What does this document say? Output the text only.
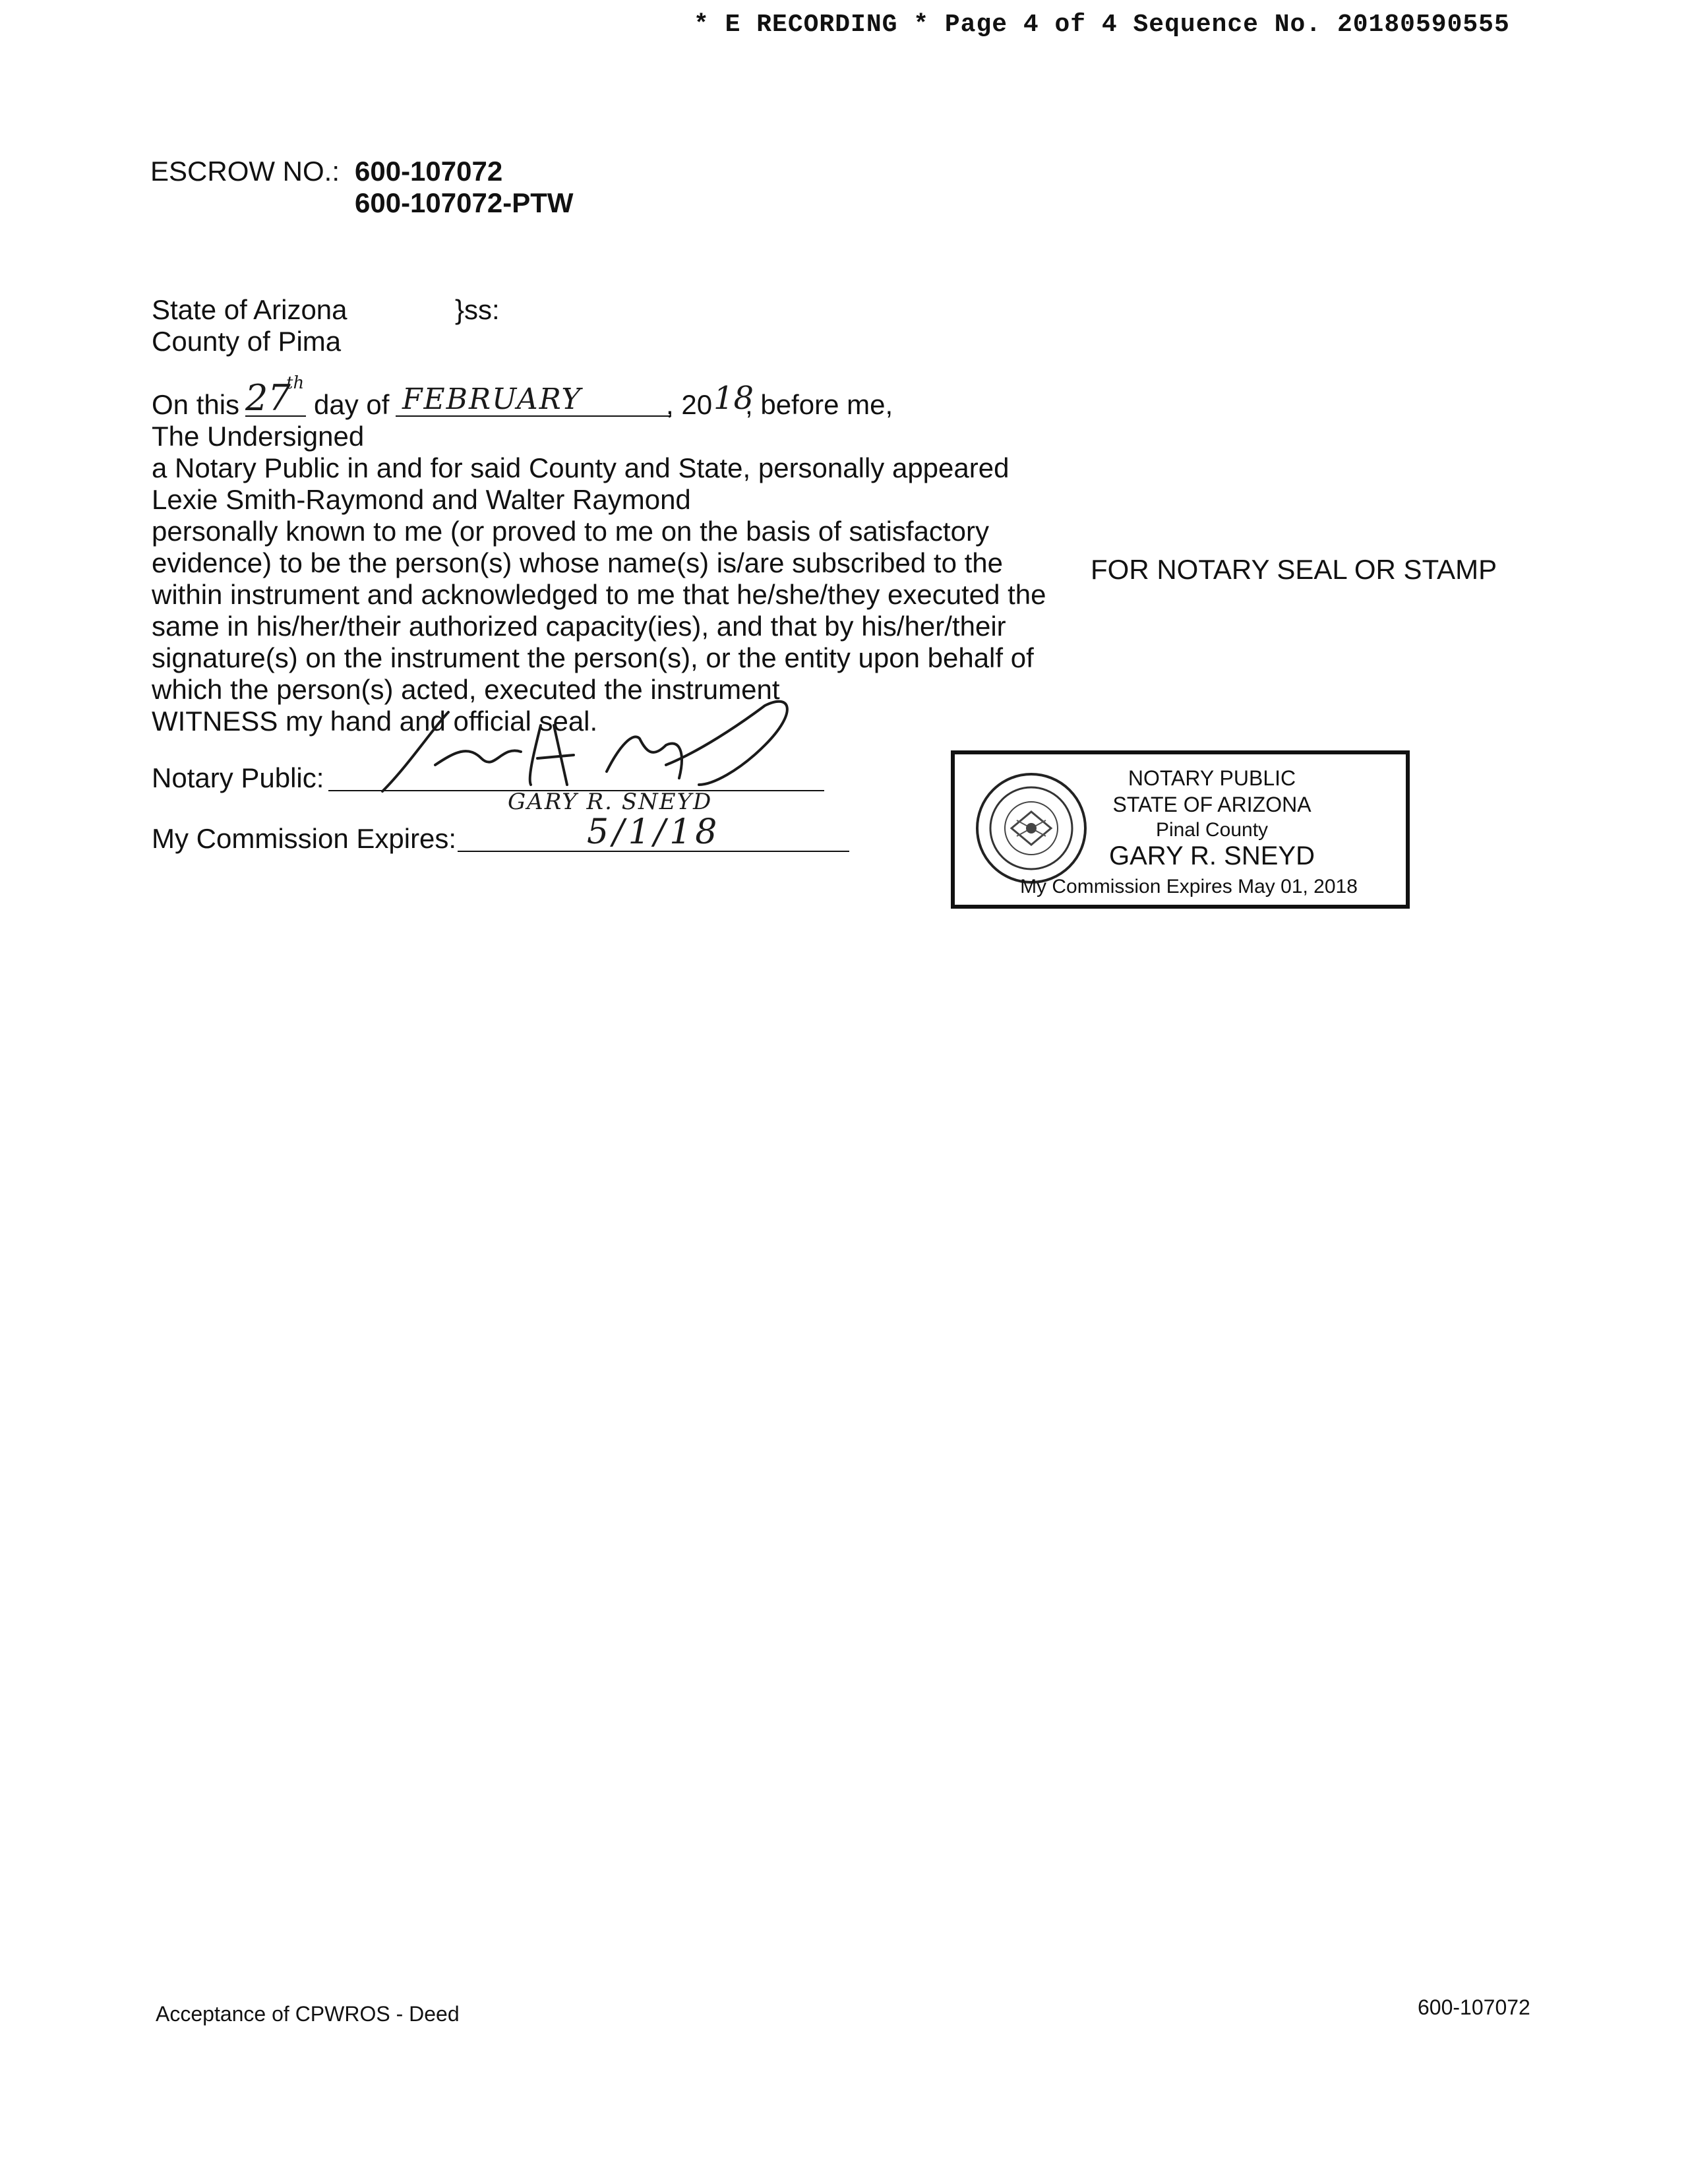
* E RECORDING * Page 4 of 4 Sequence No. 20180590555
ESCROW NO.: 600-107072
600-107072-PTW
State of Arizona	}ss:
County of Pima
On this 27
th
day of FEBRUARY	, 20 18
, before me,
The Undersigned
a Notary Public in and for said County and State, personally appeared
Lexie Smith-Raymond and Walter Raymond
personally known to me (or proved to me on the basis of satisfactory
evidence) to be the person(s) whose name(s) is/are subscribed to the
within instrument and acknowledged to me that he/she/they executed the
same in his/her/their authorized capacity(ies), and that by his/her/their
signature(s) on the instrument the person(s), or the entity upon behalf of
which the person(s) acted, executed the instrument
WITNESS my hand and official seal.
FOR NOTARY SEAL OR STAMP
Notary Public:
GARY R. SNEYD
My Commission Expires:	5/1/18
NOTARY PUBLIC
STATE OF ARIZONA
Pinal County
GARY R. SNEYD
My Commission Expires May 01, 2018
Acceptance of CPWROS - Deed	600-107072
